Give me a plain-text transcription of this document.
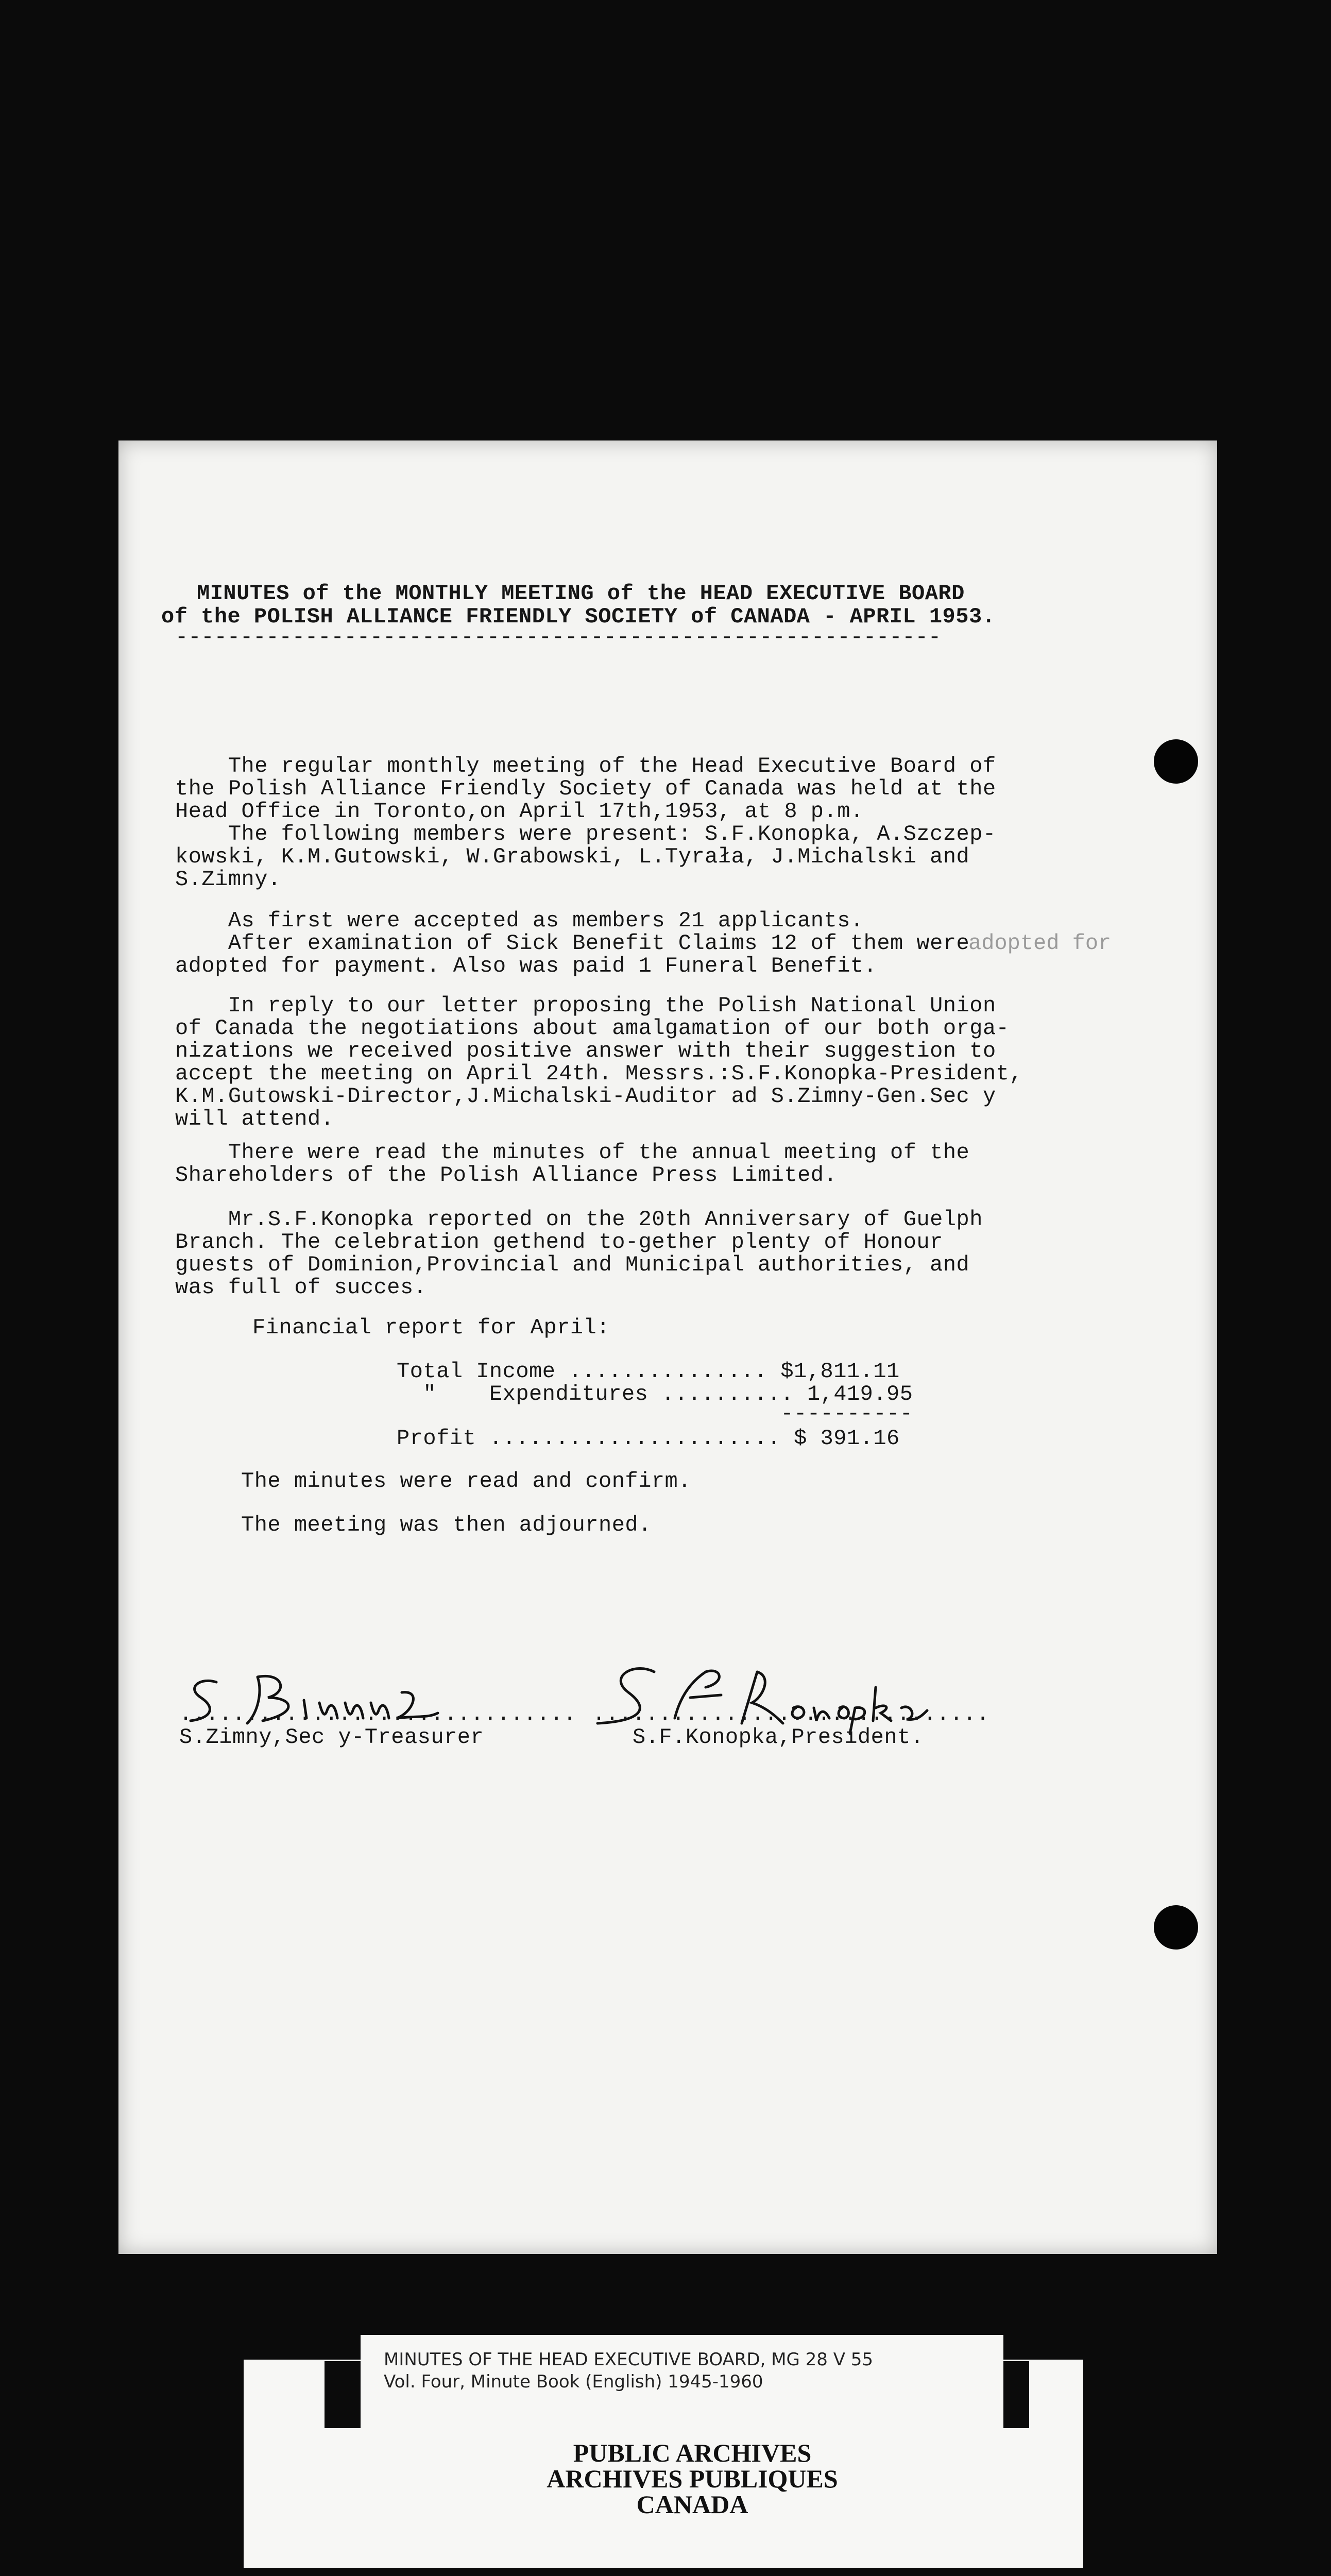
MINUTES of the MONTHLY MEETING of the HEAD EXECUTIVE BOARD
of the POLISH ALLIANCE FRIENDLY SOCIETY of CANADA - APRIL 1953.
-----------------------------------------------------------
The regular monthly meeting of the Head Executive Board of
the Polish Alliance Friendly Society of Canada was held at the
Head Office in Toronto,on April 17th,1953, at 8 p.m.
The following members were present: S.F.Konopka, A.Szczep-
kowski, K.M.Gutowski, W.Grabowski, L.Tyrała, J.Michalski and
S.Zimny.
As first were accepted as members 21 applicants.
After examination of Sick Benefit Claims 12 of them were
adopted for payment. Also was paid 1 Funeral Benefit.
adopted for
In reply to our letter proposing the Polish National Union
of Canada the negotiations about amalgamation of our both orga-
nizations we received positive answer with their suggestion to
accept the meeting on April 24th. Messrs.:S.F.Konopka-President,
K.M.Gutowski-Director,J.Michalski-Auditor ad S.Zimny-Gen.Sec y
will attend.
There were read the minutes of the annual meeting of the
Shareholders of the Polish Alliance Press Limited.
Mr.S.F.Konopka reported on the 20th Anniversary of Guelph
Branch. The celebration gethend to-gether plenty of Honour
guests of Dominion,Provincial and Municipal authorities, and
was full of succes.
Financial report for April:
Total Income ............... $1,811.11
"    Expenditures .......... 1,419.95
----------
Profit ...................... $ 391.16
The minutes were read and confirm.
The meeting was then adjourned.
..............................
S.Zimny,Sec y-Treasurer
..............................
S.F.Konopka,President.
MINUTES OF THE HEAD EXECUTIVE BOARD, MG 28 V 55
Vol. Four, Minute Book (English) 1945-1960
PUBLIC ARCHIVES
ARCHIVES PUBLIQUES
CANADA
